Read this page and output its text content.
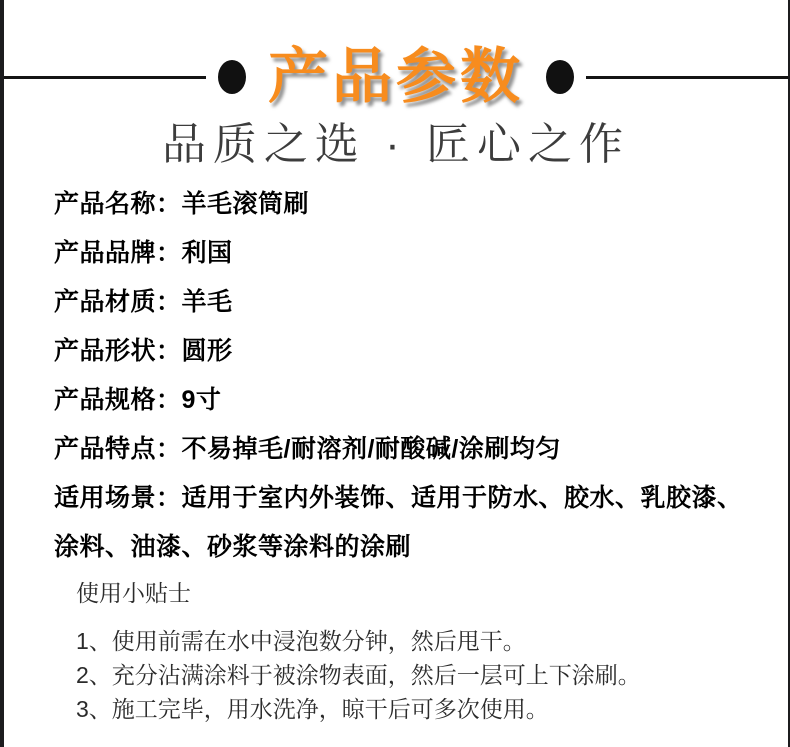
产品参数
品质之选 · 匠心之作
产品名称：羊毛滚筒刷
产品品牌：利国
产品材质：羊毛
产品形状：圆形
产品规格：9寸
产品特点：不易掉毛/耐溶剂/耐酸碱/涂刷均匀
适用场景：适用于室内外装饰、适用于防水、胶水、乳胶漆、涂料、油漆、砂浆等涂料的涂刷
使用小贴士
1、使用前需在水中浸泡数分钟，然后甩干。
2、充分沾满涂料于被涂物表面，然后一层可上下涂刷。
3、施工完毕，用水洗净，晾干后可多次使用。
